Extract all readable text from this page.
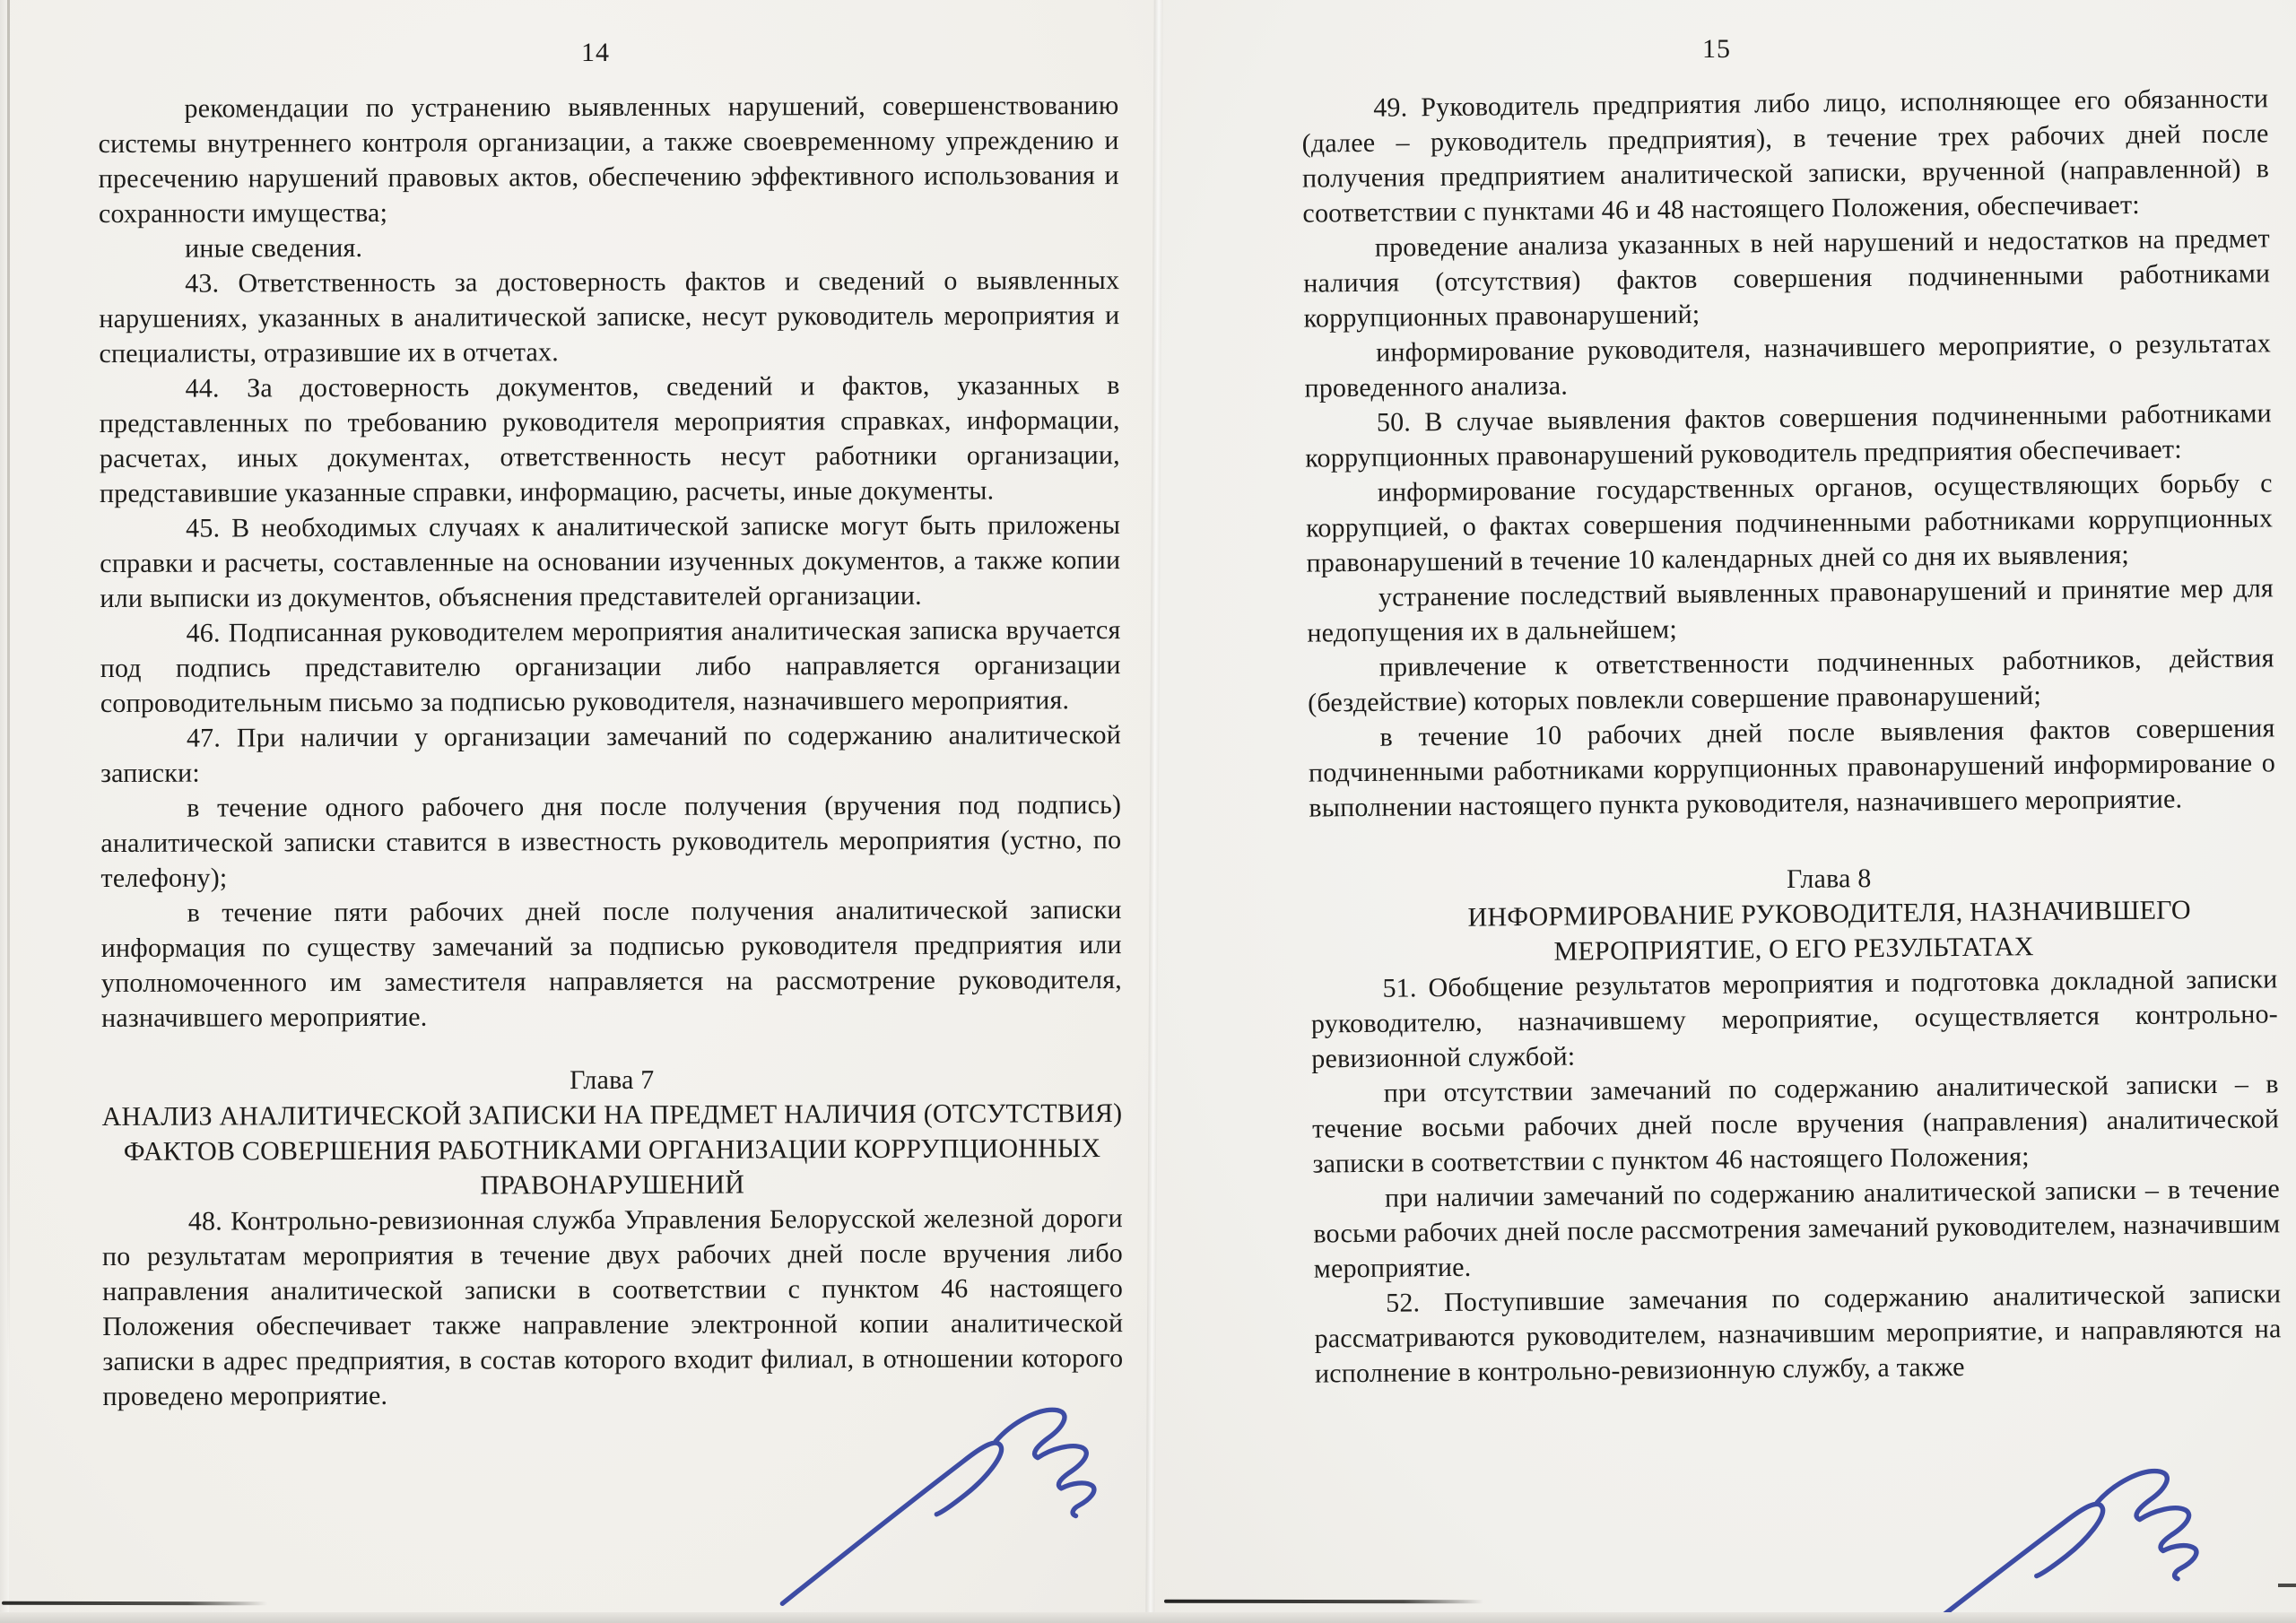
14

рекомендации по устранению выявленных нарушений, совершенствованию системы внутреннего контроля организации, а также своевременному упреждению и пресечению нарушений правовых актов, обеспечению эффективного использования и сохранности имущества;

иные сведения.

43. Ответственность за достоверность фактов и сведений о выявленных нарушениях, указанных в аналитической записке, несут руководитель мероприятия и специалисты, отразившие их в отчетах.

44. За достоверность документов, сведений и фактов, указанных в представленных по требованию руководителя мероприятия справках, информации, расчетах, иных документах, ответственность несут работники организации, представившие указанные справки, информацию, расчеты, иные документы.

45. В необходимых случаях к аналитической записке могут быть приложены справки и расчеты, составленные на основании изученных документов, а также копии или выписки из документов, объяснения представителей организации.

46. Подписанная руководителем мероприятия аналитическая записка вручается под подпись представителю организации либо направляется организации сопроводительным письмо за подписью руководителя, назначившего мероприятия.

47. При наличии у организации замечаний по содержанию аналитической записки:

в течение одного рабочего дня после получения (вручения под подпись) аналитической записки ставится в известность руководитель мероприятия (устно, по телефону);

в течение пяти рабочих дней после получения аналитической записки информация по существу замечаний за подписью руководителя предприятия или уполномоченного им заместителя направляется на рассмотрение руководителя, назначившего мероприятие.

Глава 7

АНАЛИЗ АНАЛИТИЧЕСКОЙ ЗАПИСКИ НА ПРЕДМЕТ НАЛИЧИЯ (ОТСУТСТВИЯ) ФАКТОВ СОВЕРШЕНИЯ РАБОТНИКАМИ ОРГАНИЗАЦИИ КОРРУПЦИОННЫХ ПРАВОНАРУШЕНИЙ

48. Контрольно-ревизионная служба Управления Белорусской железной дороги по результатам мероприятия в течение двух рабочих дней после вручения либо направления аналитической записки в соответствии с пунктом 46 настоящего Положения обеспечивает также направление электронной копии аналитической записки в адрес предприятия, в состав которого входит филиал, в отношении которого проведено мероприятие.

49. Руководитель предприятия либо лицо, исполняющее его обязанности (далее – руководитель предприятия), в течение трех рабочих дней после получения предприятием аналитической записки, врученной (направленной) в соответствии с пунктами 46 и 48 настоящего Положения, обеспечивает:

проведение анализа указанных в ней нарушений и недостатков на предмет наличия (отсутствия) фактов совершения подчиненными работниками коррупционных правонарушений;

информирование руководителя, назначившего мероприятие, о результатах проведенного анализа.

50. В случае выявления фактов совершения подчиненными работниками коррупционных правонарушений руководитель предприятия обеспечивает:

информирование государственных органов, осуществляющих борьбу с коррупцией, о фактах совершения подчиненными работниками коррупционных правонарушений в течение 10 календарных дней со дня их выявления;

устранение последствий выявленных правонарушений и принятие мер для недопущения их в дальнейшем;

привлечение к ответственности подчиненных работников, действия (бездействие) которых повлекли совершение правонарушений;

в течение 10 рабочих дней после выявления фактов совершения подчиненными работниками коррупционных правонарушений информирование о выполнении настоящего пункта руководителя, назначившего мероприятие.

Глава 8

ИНФОРМИРОВАНИЕ РУКОВОДИТЕЛЯ, НАЗНАЧИВШЕГО МЕРОПРИЯТИЕ, О ЕГО РЕЗУЛЬТАТАХ

51. Обобщение результатов мероприятия и подготовка докладной записки руководителю, назначившему мероприятие, осуществляется контрольно-ревизионной службой:

при отсутствии замечаний по содержанию аналитической записки – в течение восьми рабочих дней после вручения (направления) аналитической записки в соответствии с пунктом 46 настоящего Положения;

при наличии замечаний по содержанию аналитической записки – в течение восьми рабочих дней после рассмотрения замечаний руководителем, назначившим мероприятие.

52. Поступившие замечания по содержанию аналитической записки рассматриваются руководителем, назначившим мероприятие, и направляются на исполнение в контрольно-ревизионную службу, а также

15
